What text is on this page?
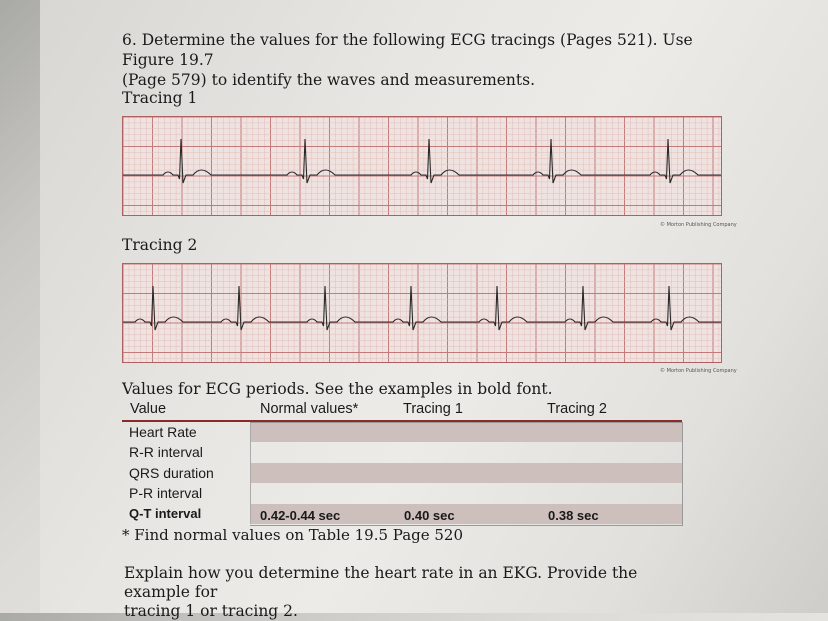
6. Determine the values for the following ECG tracings (Pages 521). Use Figure 19.7
(Page 579) to identify the waves and measurements.
Tracing 1
© Morton Publishing Company
Tracing 2
© Morton Publishing Company
Values for ECG periods. See the examples in bold font.
Value	Normal values*	Tracing 1	Tracing 2
Heart Rate
R-R interval
QRS duration
P-R interval
Q-T interval	0.42-0.44 sec	0.40 sec	0.38 sec
* Find normal values on Table 19.5 Page 520
Explain how you determine the heart rate in an EKG. Provide the example for
tracing 1 or tracing 2.
